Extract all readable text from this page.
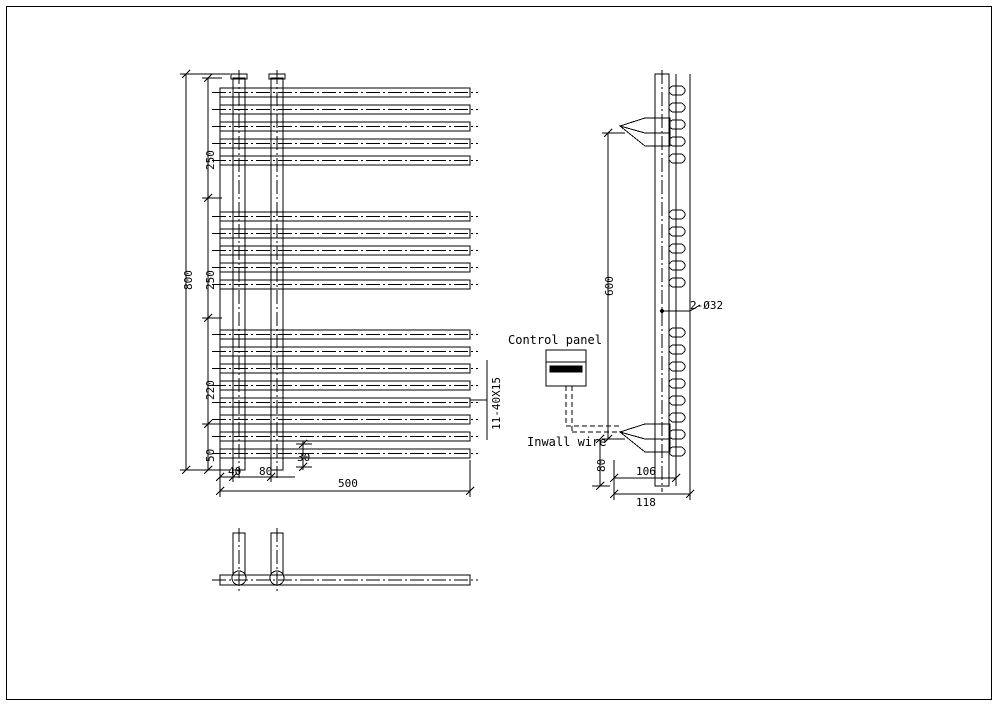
250
250
220
50
800
500
40 80
30
11-40X15
600
80	106
118
2-Ø32
Control panel
Inwall wire
